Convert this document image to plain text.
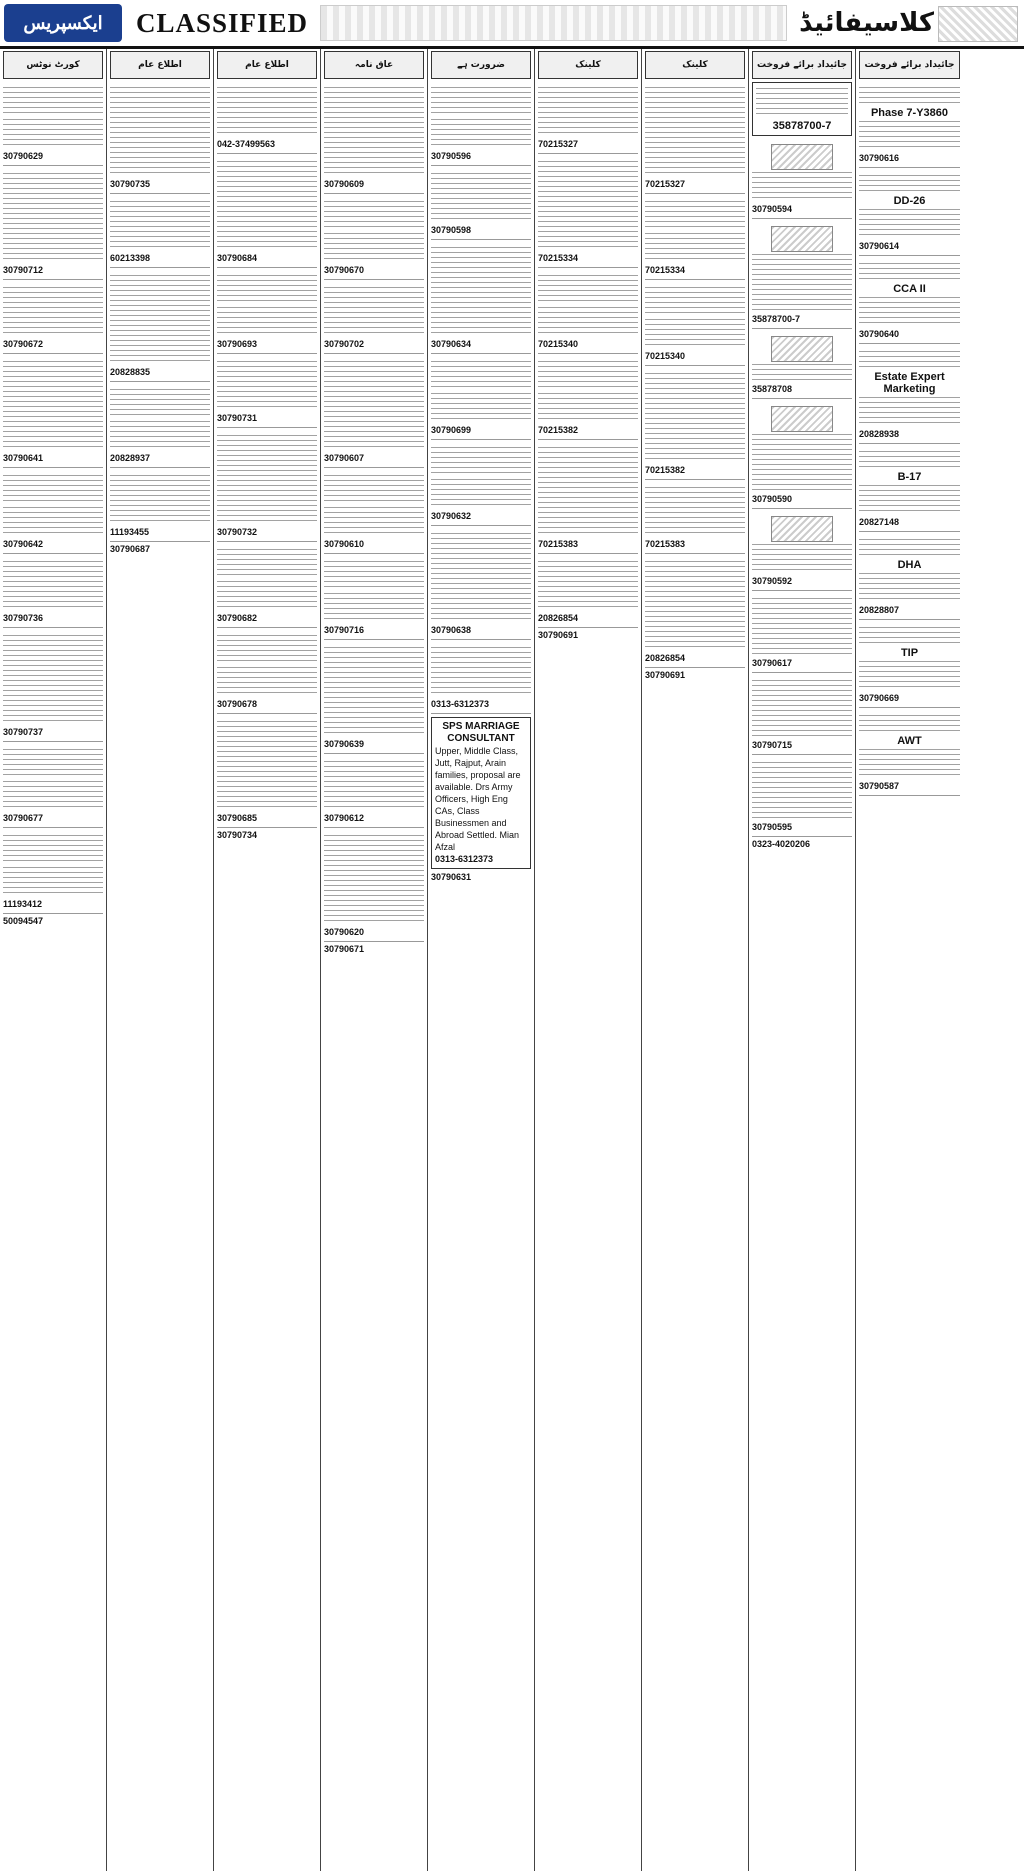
ایکسپریس	CLASSIFIED	کلاسیفائیڈ
کورٹ نوٹس
30790629
30790712
30790672
30790641
30790642
30790736
30790737
30790677
11193412
50094547
اطلاع عام
30790735
60213398
20828835
20828937
11193455
30790687
اطلاع عام
042-37499563
30790684
30790693
30790731
30790732
30790682
30790678
30790685
30790734
عاق نامہ
30790609
30790670
30790702
30790607
30790610
30790716
30790639
30790612
30790620
30790671
ضرورت ہے
30790596
30790598
30790634
30790699
30790632
30790638
0313-6312373
SPS MARRIAGE CONSULTANT
Upper, Middle Class, Jutt, Rajput, Arain families, proposal are available. Drs Army Officers, High Eng CAs, Class Businessmen and Abroad Settled. Mian Afzal
0313-6312373
30790631
کلینک
70215327
70215334
70215340
70215382
70215383
20826854
30790691
کلینک
70215327
70215334
70215340
70215382
70215383
20826854
30790691
جائیداد برائے فروخت
35878700-7
30790594
35878700-7
35878708
30790590
30790592
30790617
30790715
30790595
0323-4020206
جائیداد برائے فروخت
Phase 7-Y3860
30790616
DD-26
30790614
CCA II
30790640
Estate Expert Marketing
20828938
B-17
20827148
DHA
20828807
TIP
30790669
AWT
30790587
